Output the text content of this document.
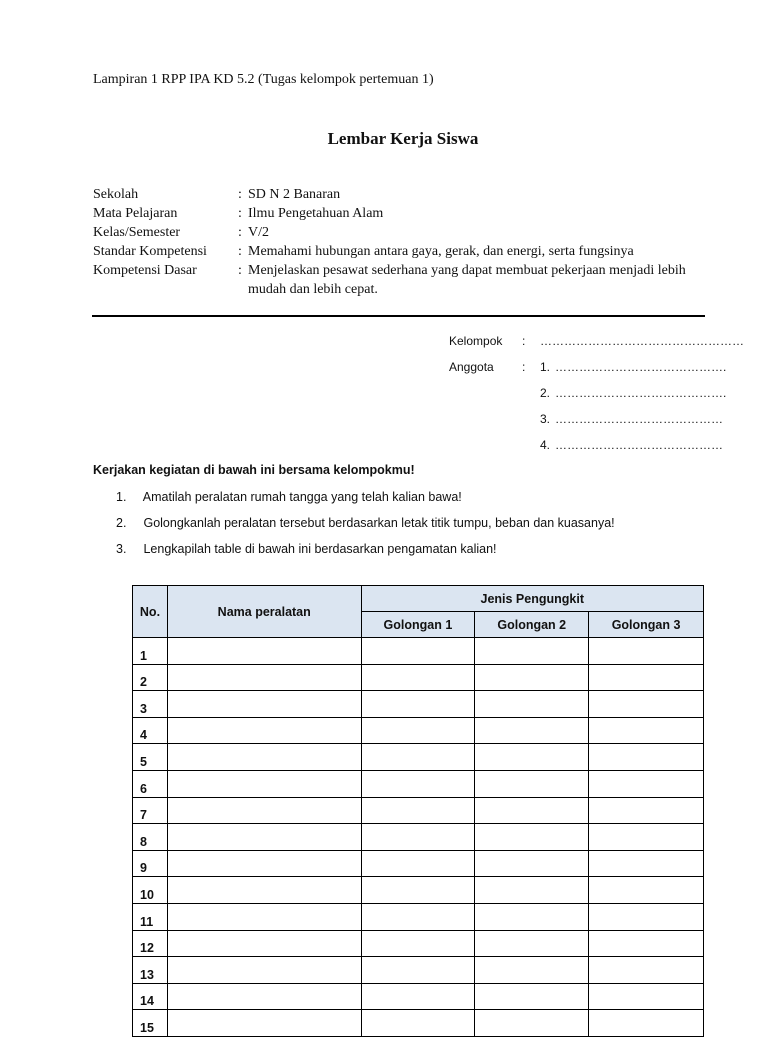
Lampiran 1 RPP IPA KD 5.2 (Tugas kelompok pertemuan 1)
Lembar Kerja Siswa
Sekolah	: SD N 2 Banaran
Mata Pelajaran	: Ilmu Pengetahuan Alam
Kelas/Semester	: V/2
Standar Kompetensi	: Memahami hubungan antara gaya, gerak, dan energi, serta fungsinya
Kompetensi Dasar	: Menjelaskan pesawat sederhana yang dapat membuat pekerjaan menjadi lebih mudah dan lebih cepat.
Kelompok : ……………………………………………
Anggota : 1. …………………………………….
2. …………………………………….
3. ……………………………………
4. ……………………………………
Kerjakan kegiatan di bawah ini bersama kelompokmu!
1. Amatilah peralatan rumah tangga yang telah kalian bawa!
2. Golongkanlah peralatan tersebut berdasarkan letak titik tumpu, beban dan kuasanya!
3. Lengkapilah table di bawah ini berdasarkan pengamatan kalian!
No.	Nama peralatan	Jenis Pengungkit		
		Golongan 1	Golongan 2	Golongan 3
1				
2				
3				
4				
5				
6				
7				
8				
9				
10				
11				
12				
13				
14				
15				
